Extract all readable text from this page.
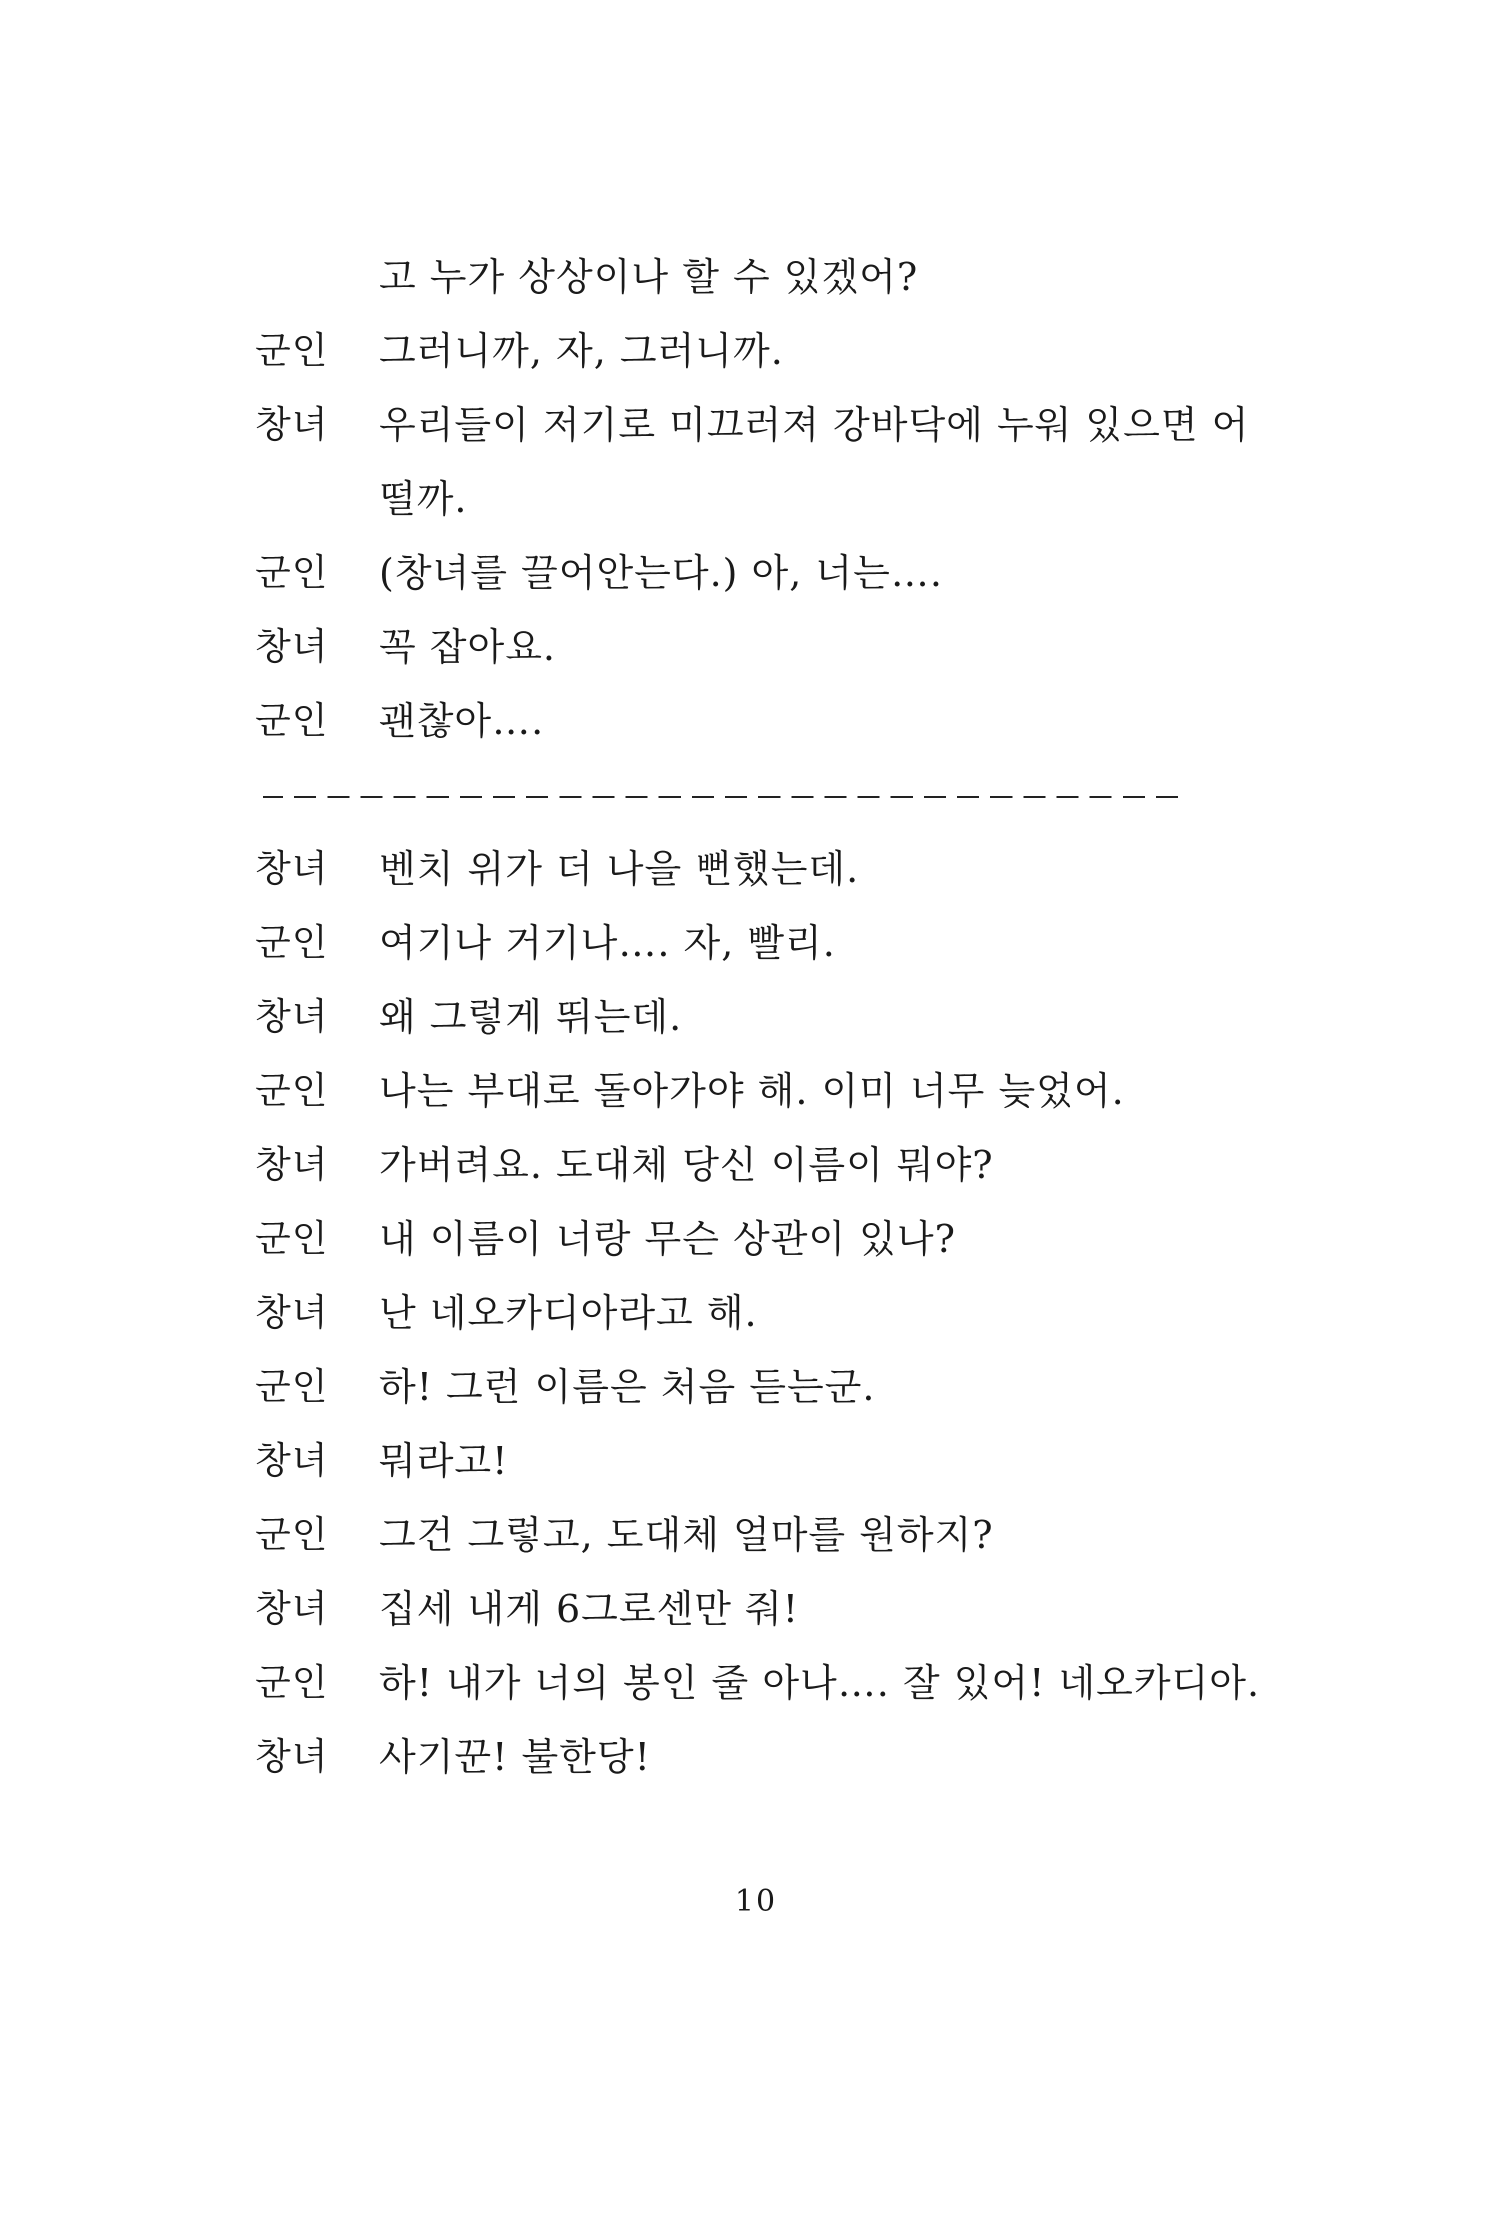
고 누가 상상이나 할 수 있겠어?
군인	그러니까, 자, 그러니까.
창녀	우리들이 저기로 미끄러져 강바닥에 누워 있으면 어
떨까.
군인	(창녀를 끌어안는다.) 아, 너는….
창녀	꼭 잡아요.
군인	괜찮아….
창녀	벤치 위가 더 나을 뻔했는데.
군인	여기나 거기나…. 자, 빨리.
창녀	왜 그렇게 뛰는데.
군인	나는 부대로 돌아가야 해. 이미 너무 늦었어.
창녀	가버려요. 도대체 당신 이름이 뭐야?
군인	내 이름이 너랑 무슨 상관이 있나?
창녀	난 네오카디아라고 해.
군인	하! 그런 이름은 처음 듣는군.
창녀	뭐라고!
군인	그건 그렇고, 도대체 얼마를 원하지?
창녀	집세 내게 6그로센만 줘!
군인	하! 내가 너의 봉인 줄 아나…. 잘 있어! 네오카디아.
창녀	사기꾼! 불한당!
10
